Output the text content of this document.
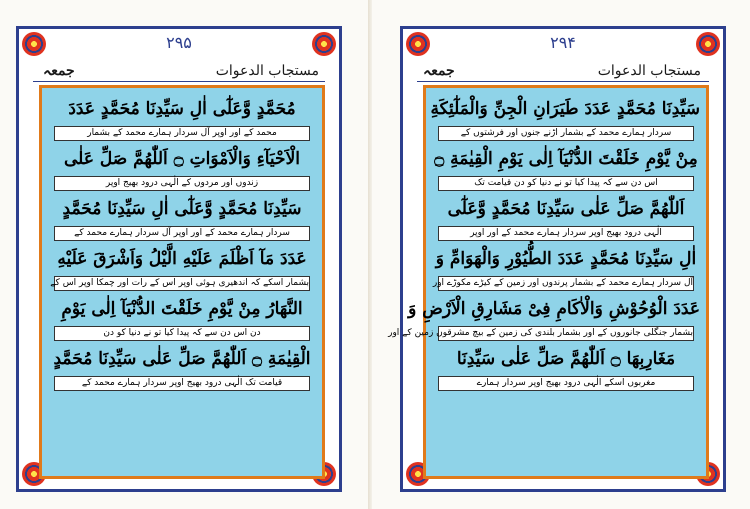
۲۹۵
مستجاب الدعوات
جمعہ
مُحَمَّدٍ وَّعَلٰٓى اٰلِ سَيِّدِنَا مُحَمَّدٍ عَدَدَ
محمد کے اور اوپر آل سردار ہمارے محمد کے بشمار
الْاَحْيَآءِ وَالْاَمْوَاتِ ۝ اَللّٰهُمَّ صَلِّ عَلٰى
زندوں اور مردوں کے الٰہی درود بھیج اوپر
سَيِّدِنَا مُحَمَّدٍ وَّعَلٰٓى اٰلِ سَيِّدِنَا مُحَمَّدٍ
سردار ہمارے محمد کے اور اوپر آل سردار ہمارے محمد کے
عَدَدَ مَآ اَظْلَمَ عَلَيْهِ الَّيْلُ وَاَشْرَقَ عَلَيْهِ
بشمار اسکے کہ اندھیری ہوئی اوپر اس کے رات اور چمکا اوپر اس کے
النَّهَارُ مِنْ يَّوْمِ خَلَقْتَ الدُّنْيَآ اِلٰى يَوْمِ
دن اس دن سے کہ پیدا کیا تو نے دنیا کو دن
الْقِيٰمَةِ ۝ اَللّٰهُمَّ صَلِّ عَلٰى سَيِّدِنَا مُحَمَّدٍ
قیامت تک الٰہی درود بھیج اوپر سردار ہمارے محمد کے
۲۹۴
مستجاب الدعوات
جمعہ
سَيِّدِنَا مُحَمَّدٍ عَدَدَ طَيَرَانِ الْجِنِّ وَالْمَلٰٓئِكَةِ
سردار ہمارے محمد کے بشمار اڑنے جنوں اور فرشتوں کے
مِنْ يَّوْمِ خَلَقْتَ الدُّنْيَآ اِلٰى يَوْمِ الْقِيٰمَةِ ۝
اس دن سے کہ پیدا کیا تو نے دنیا کو دن قیامت تک
اَللّٰهُمَّ صَلِّ عَلٰى سَيِّدِنَا مُحَمَّدٍ وَّعَلٰٓى
الٰہی درود بھیج اوپر سردار ہمارے محمد کے اور اوپر
اٰلِ سَيِّدِنَا مُحَمَّدٍ عَدَدَ الطُّيُوْرِ وَالْهَوَامِّ وَ
آل سردار ہمارے محمد کے بشمار پرندوں اور زمین کے کیڑے مکوڑے اور
عَدَدَ الْوُحُوْشِ وَالْاٰكَامِ فِىْ مَشَارِقِ الْاَرْضِ وَ
بشمار جنگلی جانوروں کے اور بشمار بلندی کی زمین کے بیچ مشرقوں زمین کے اور
مَغَارِبِهَا ۝ اَللّٰهُمَّ صَلِّ عَلٰى سَيِّدِنَا
مغربوں اسکے الٰہی درود بھیج اوپر سردار ہمارے
